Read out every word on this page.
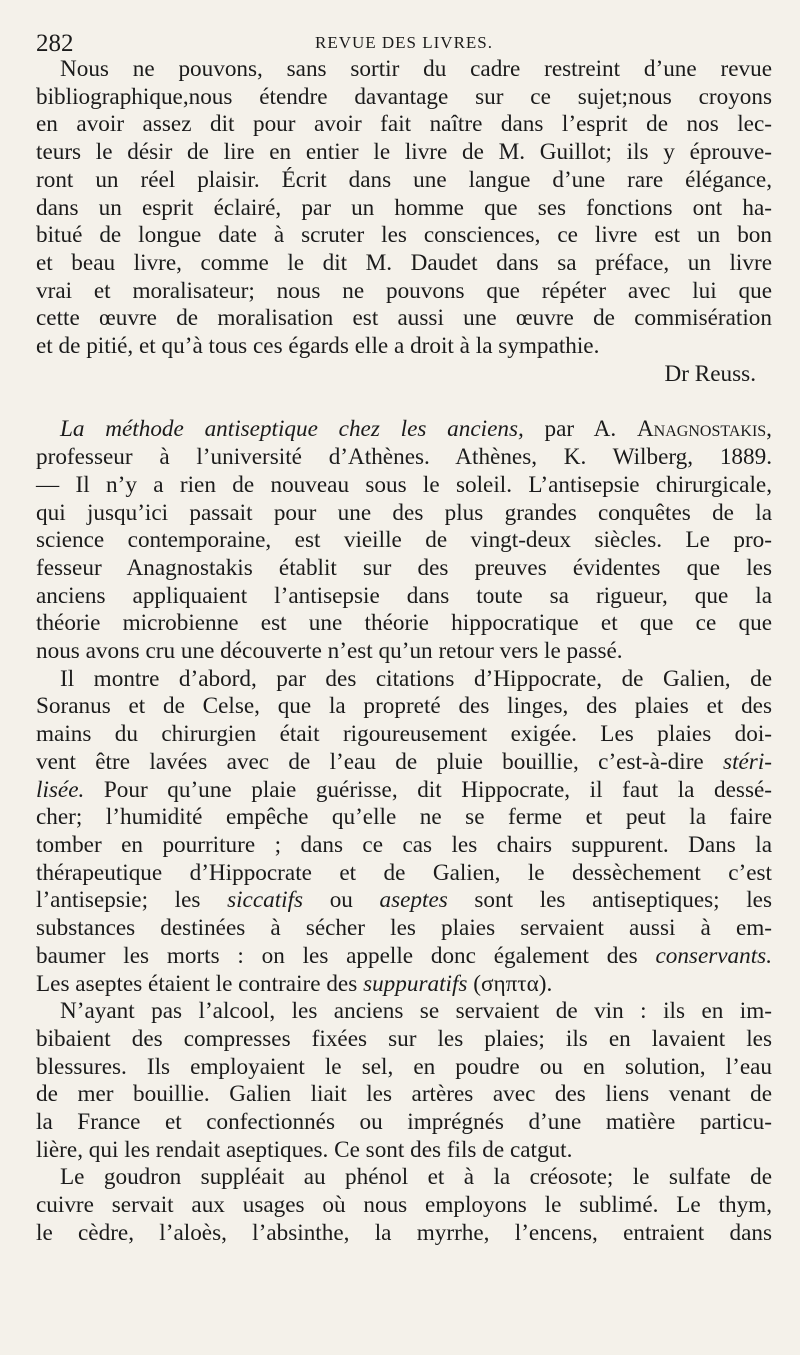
282	REVUE DES LIVRES.

Nous ne pouvons, sans sortir du cadre restreint d’une revue
bibliographique,nous étendre davantage sur ce sujet;nous croyons
en avoir assez dit pour avoir fait naître dans l’esprit de nos lec-
teurs le désir de lire en entier le livre de M. Guillot; ils y éprouve-
ront un réel plaisir. Écrit dans une langue d’une rare élégance,
dans un esprit éclairé, par un homme que ses fonctions ont ha-
bitué de longue date à scruter les consciences, ce livre est un bon
et beau livre, comme le dit M. Daudet dans sa préface, un livre
vrai et moralisateur; nous ne pouvons que répéter avec lui que
cette œuvre de moralisation est aussi une œuvre de commisération
et de pitié, et qu’à tous ces égards elle a droit à la sympathie.

Dr Reuss.

La méthode antiseptique chez les anciens, par A. Anagnostakis,
professeur à l’université d’Athènes. Athènes, K. Wilberg, 1889.
— Il n’y a rien de nouveau sous le soleil. L’antisepsie chirurgicale,
qui jusqu’ici passait pour une des plus grandes conquêtes de la
science contemporaine, est vieille de vingt-deux siècles. Le pro-
fesseur Anagnostakis établit sur des preuves évidentes que les
anciens appliquaient l’antisepsie dans toute sa rigueur, que la
théorie microbienne est une théorie hippocratique et que ce que
nous avons cru une découverte n’est qu’un retour vers le passé.

Il montre d’abord, par des citations d’Hippocrate, de Galien, de
Soranus et de Celse, que la propreté des linges, des plaies et des
mains du chirurgien était rigoureusement exigée. Les plaies doi-
vent être lavées avec de l’eau de pluie bouillie, c’est-à-dire stéri-
lisée. Pour qu’une plaie guérisse, dit Hippocrate, il faut la dessé-
cher; l’humidité empêche qu’elle ne se ferme et peut la faire
tomber en pourriture ; dans ce cas les chairs suppurent. Dans la
thérapeutique d’Hippocrate et de Galien, le dessèchement c’est
l’antisepsie; les siccatifs ou aseptes sont les antiseptiques; les
substances destinées à sécher les plaies servaient aussi à em-
baumer les morts : on les appelle donc également des conservants.
Les aseptes étaient le contraire des suppuratifs (σηπτα).

N’ayant pas l’alcool, les anciens se servaient de vin : ils en im-
bibaient des compresses fixées sur les plaies; ils en lavaient les
blessures. Ils employaient le sel, en poudre ou en solution, l’eau
de mer bouillie. Galien liait les artères avec des liens venant de
la France et confectionnés ou imprégnés d’une matière particu-
lière, qui les rendait aseptiques. Ce sont des fils de catgut.

Le goudron suppléait au phénol et à la créosote; le sulfate de
cuivre servait aux usages où nous employons le sublimé. Le thym,
le cèdre, l’aloès, l’absinthe, la myrrhe, l’encens, entraient dans
